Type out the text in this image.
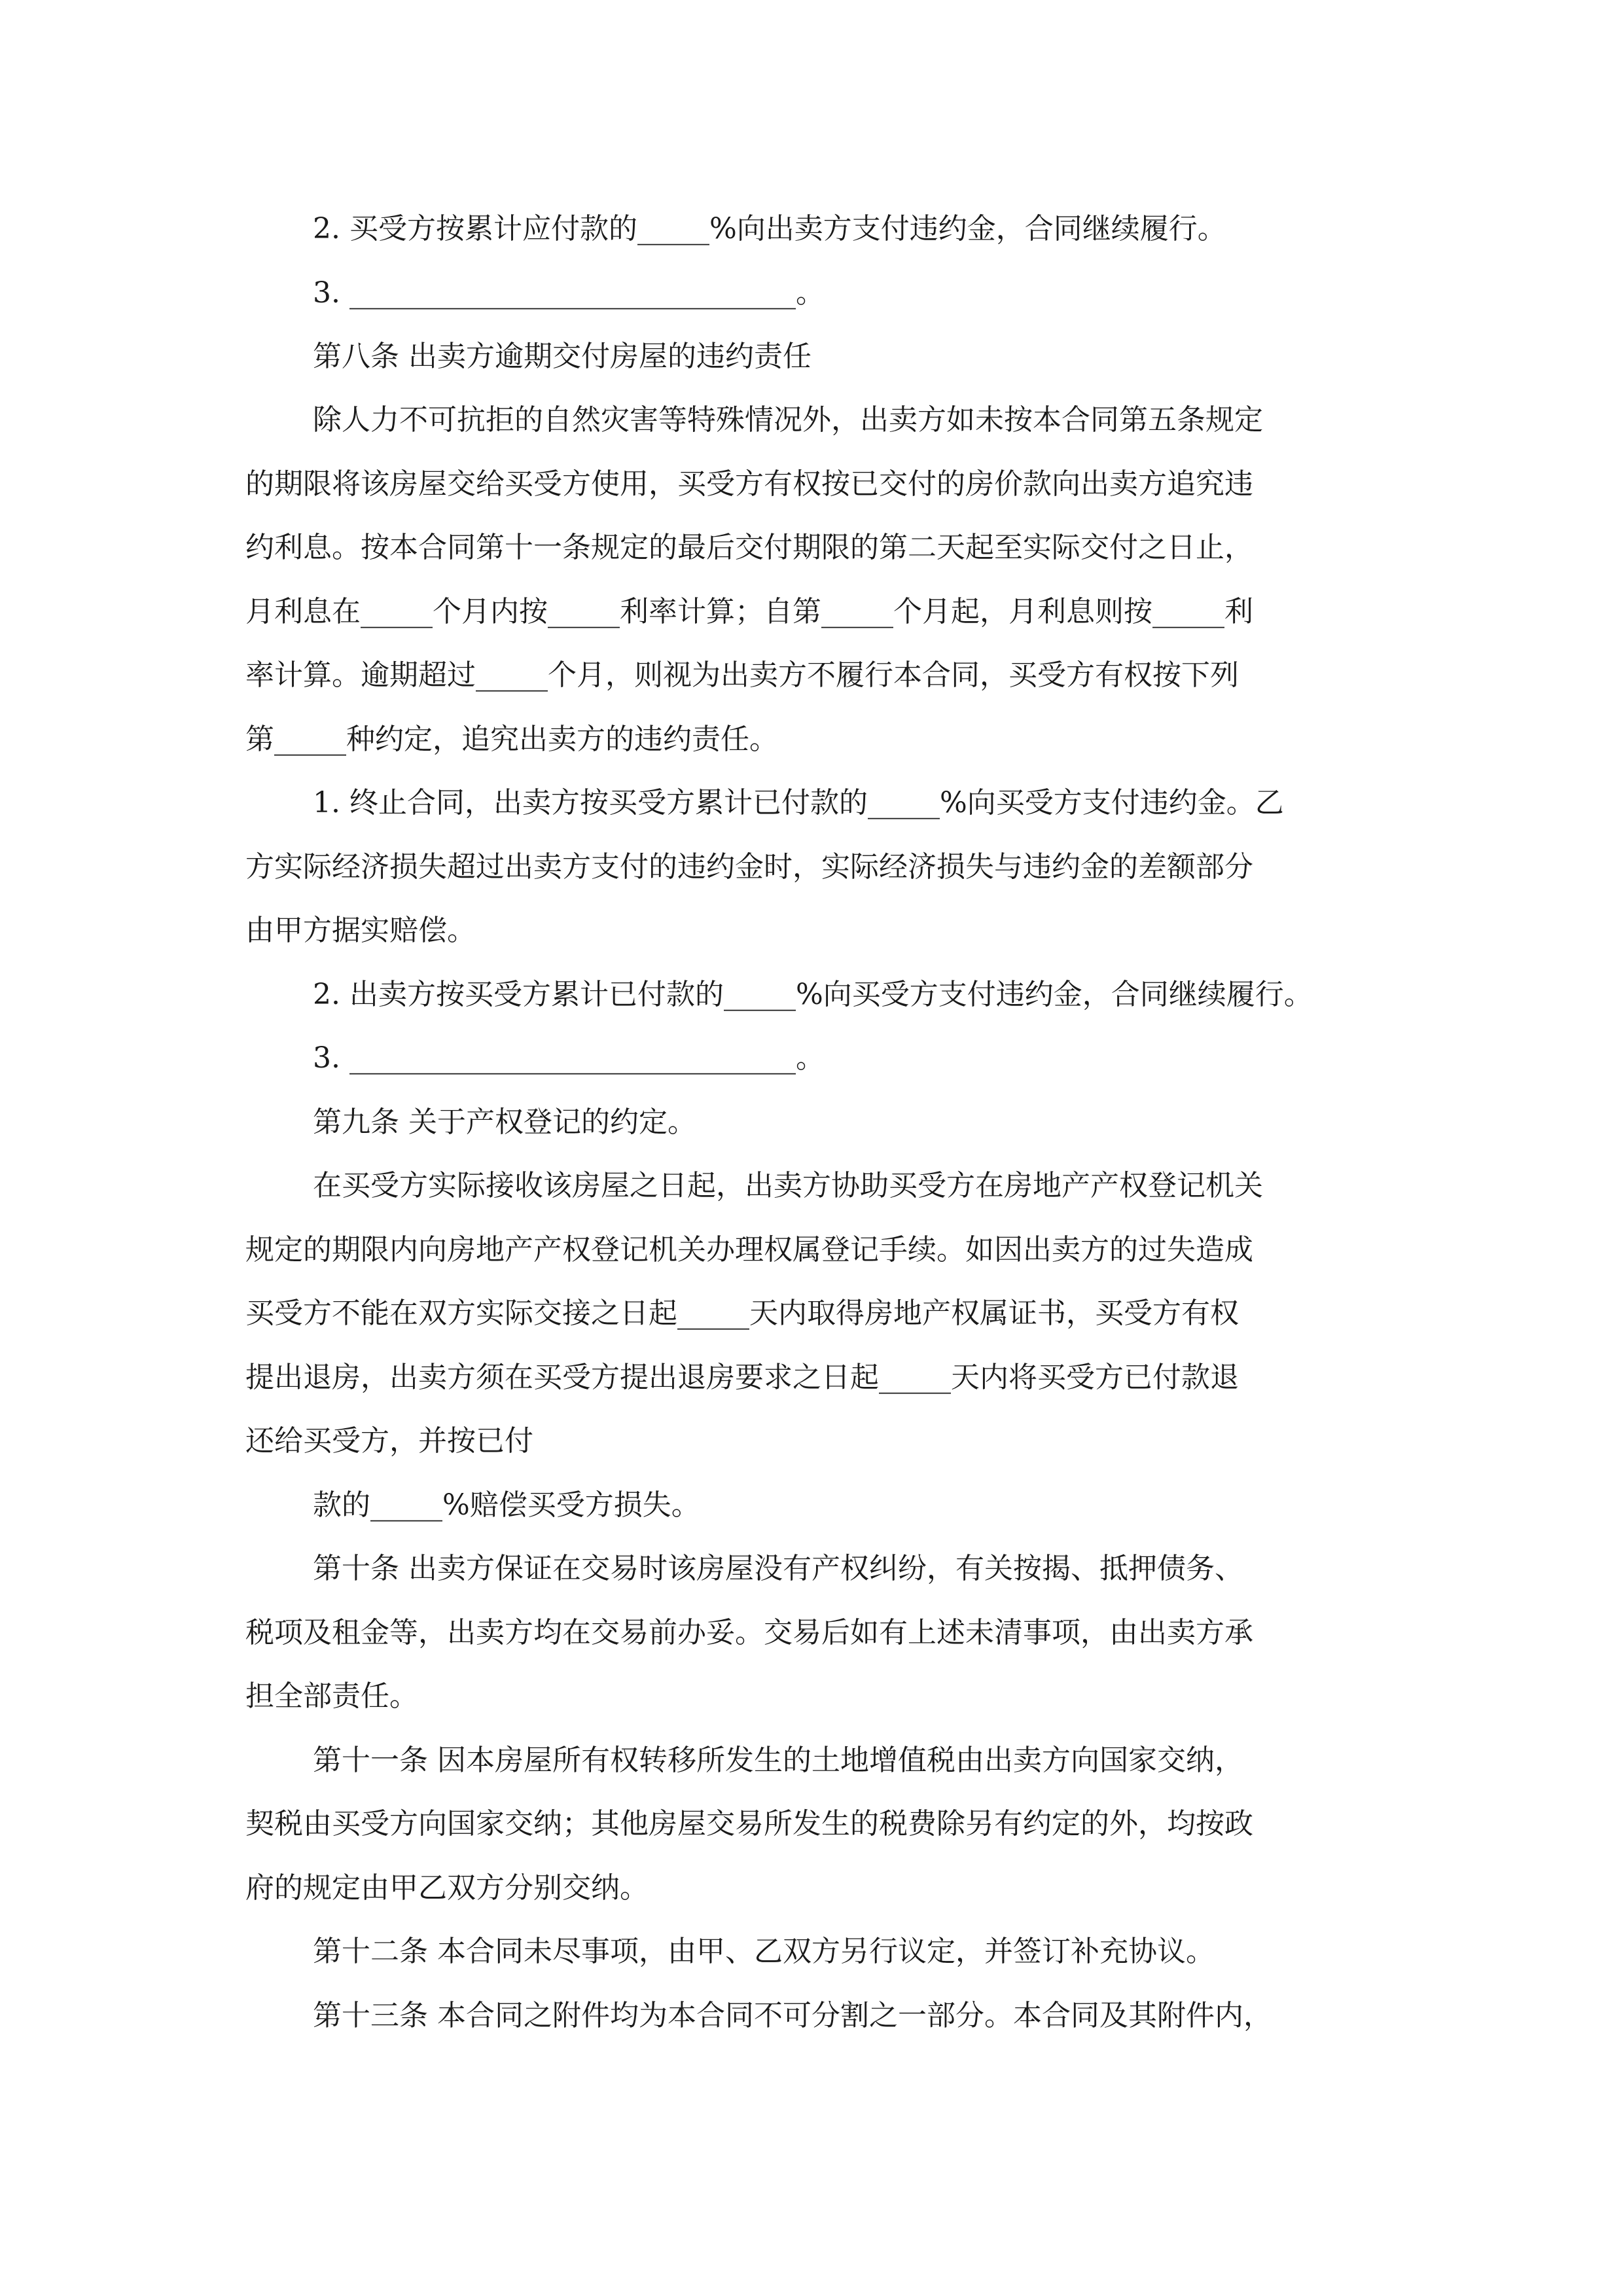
2. 买受方按累计应付款的_____%向出卖方支付违约金，合同继续履行。

3. _______________________________。

第八条 出卖方逾期交付房屋的违约责任

除人力不可抗拒的自然灾害等特殊情况外，出卖方如未按本合同第五条规定

的期限将该房屋交给买受方使用，买受方有权按已交付的房价款向出卖方追究违

约利息。按本合同第十一条规定的最后交付期限的第二天起至实际交付之日止，

月利息在_____个月内按_____利率计算；自第_____个月起，月利息则按_____利

率计算。逾期超过_____个月，则视为出卖方不履行本合同，买受方有权按下列

第_____种约定，追究出卖方的违约责任。

1. 终止合同，出卖方按买受方累计已付款的_____%向买受方支付违约金。乙

方实际经济损失超过出卖方支付的违约金时，实际经济损失与违约金的差额部分

由甲方据实赔偿。

2. 出卖方按买受方累计已付款的_____%向买受方支付违约金，合同继续履行。

3. _______________________________。

第九条 关于产权登记的约定。

在买受方实际接收该房屋之日起，出卖方协助买受方在房地产产权登记机关

规定的期限内向房地产产权登记机关办理权属登记手续。如因出卖方的过失造成

买受方不能在双方实际交接之日起_____天内取得房地产权属证书，买受方有权

提出退房，出卖方须在买受方提出退房要求之日起_____天内将买受方已付款退

还给买受方，并按已付

款的_____%赔偿买受方损失。

第十条 出卖方保证在交易时该房屋没有产权纠纷，有关按揭、抵押债务、

税项及租金等，出卖方均在交易前办妥。交易后如有上述未清事项，由出卖方承

担全部责任。

第十一条 因本房屋所有权转移所发生的土地增值税由出卖方向国家交纳，

契税由买受方向国家交纳；其他房屋交易所发生的税费除另有约定的外，均按政

府的规定由甲乙双方分别交纳。

第十二条 本合同未尽事项，由甲、乙双方另行议定，并签订补充协议。

第十三条 本合同之附件均为本合同不可分割之一部分。本合同及其附件内，
